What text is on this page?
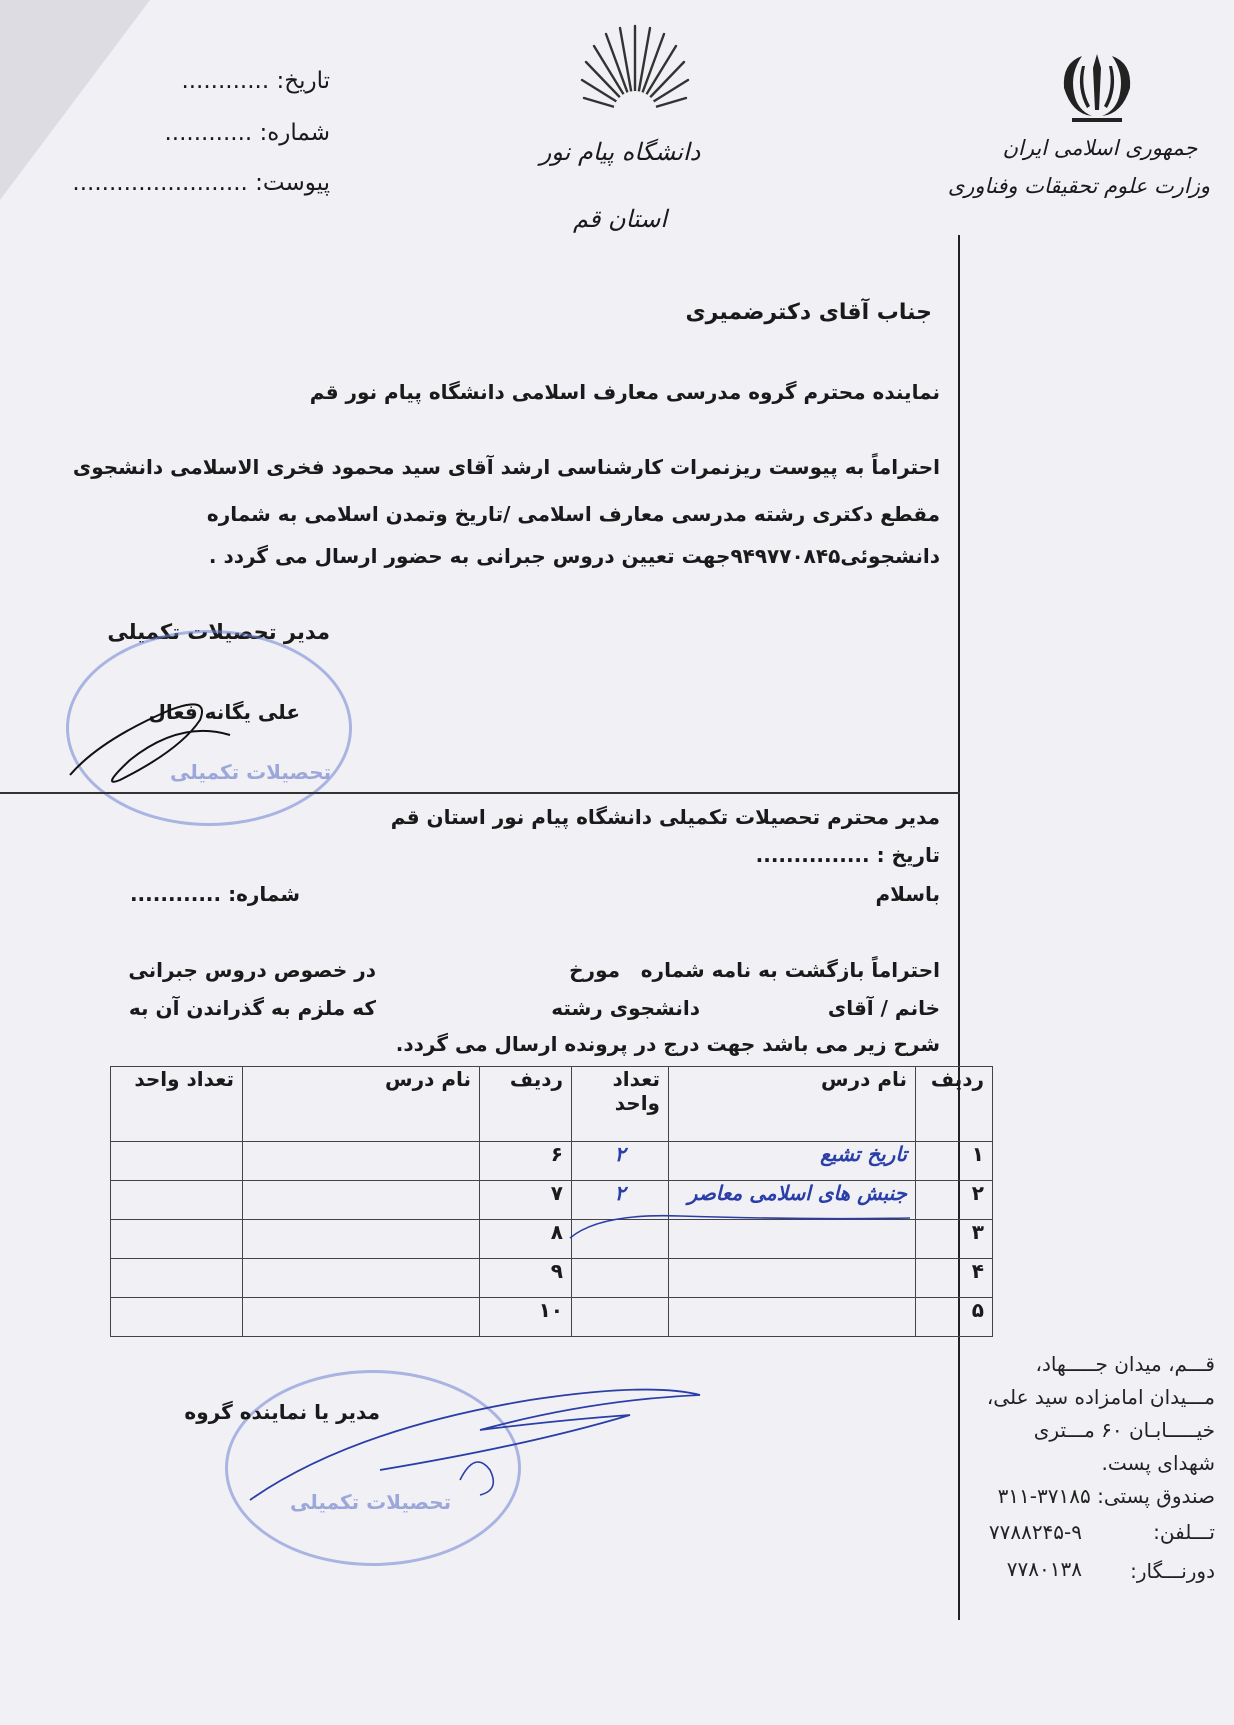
جمهوری اسلامی ایران
وزارت علوم تحقیقات وفناوری
دانشگاه پیام نور
استان قم
تاریخ: ............
شماره: ............
پیوست: ........................
جناب آقای دکترضمیری
نماینده محترم گروه مدرسی معارف اسلامی دانشگاه پیام نور قم
احتراماً به پیوست ریزنمرات کارشناسی ارشد آقای سید محمود فخری الاسلامی دانشجوی
مقطع دکتری رشته مدرسی معارف اسلامی /تاریخ وتمدن اسلامی به شماره
دانشجوئی۹۴۹۷۷۰۸۴۵جهت تعیین دروس جبرانی به حضور ارسال می گردد .
مدیر تحصیلات تکمیلی
تحصیلات تکمیلی
علی یگانه فعال
مدیر محترم تحصیلات تکمیلی دانشگاه پیام نور استان قم
تاریخ : ...............
شماره: ............	باسلام
احتراماً بازگشت به نامه شماره
مورخ
در خصوص دروس جبرانی
خانم / آقای
دانشجوی رشته
که ملزم به گذراندن آن به
شرح زیر می باشد جهت درج در پرونده ارسال می گردد.
ردیف	نام درس	تعداد
واحد	ردیف	نام درس	تعداد واحد
۱	تاریخ تشیع	۲	۶		
۲	جنبش های اسلامی معاصر	۲	۷		
۳			۸		
۴			۹		
۵			۱۰		
تحصیلات تکمیلی
مدیر یا نماینده گروه
قـــم، میدان جـــــهاد،
مـــیدان امامزاده سید علی،
خیـــــابـان ۶۰ مـــتری
شهدای پست.
صندوق پستی: ۳۷۱۸۵-۳۱۱
تـــلفن:
۷۷۸۸۲۴۵-۹
دورنـــگار:
۷۷۸۰۱۳۸
